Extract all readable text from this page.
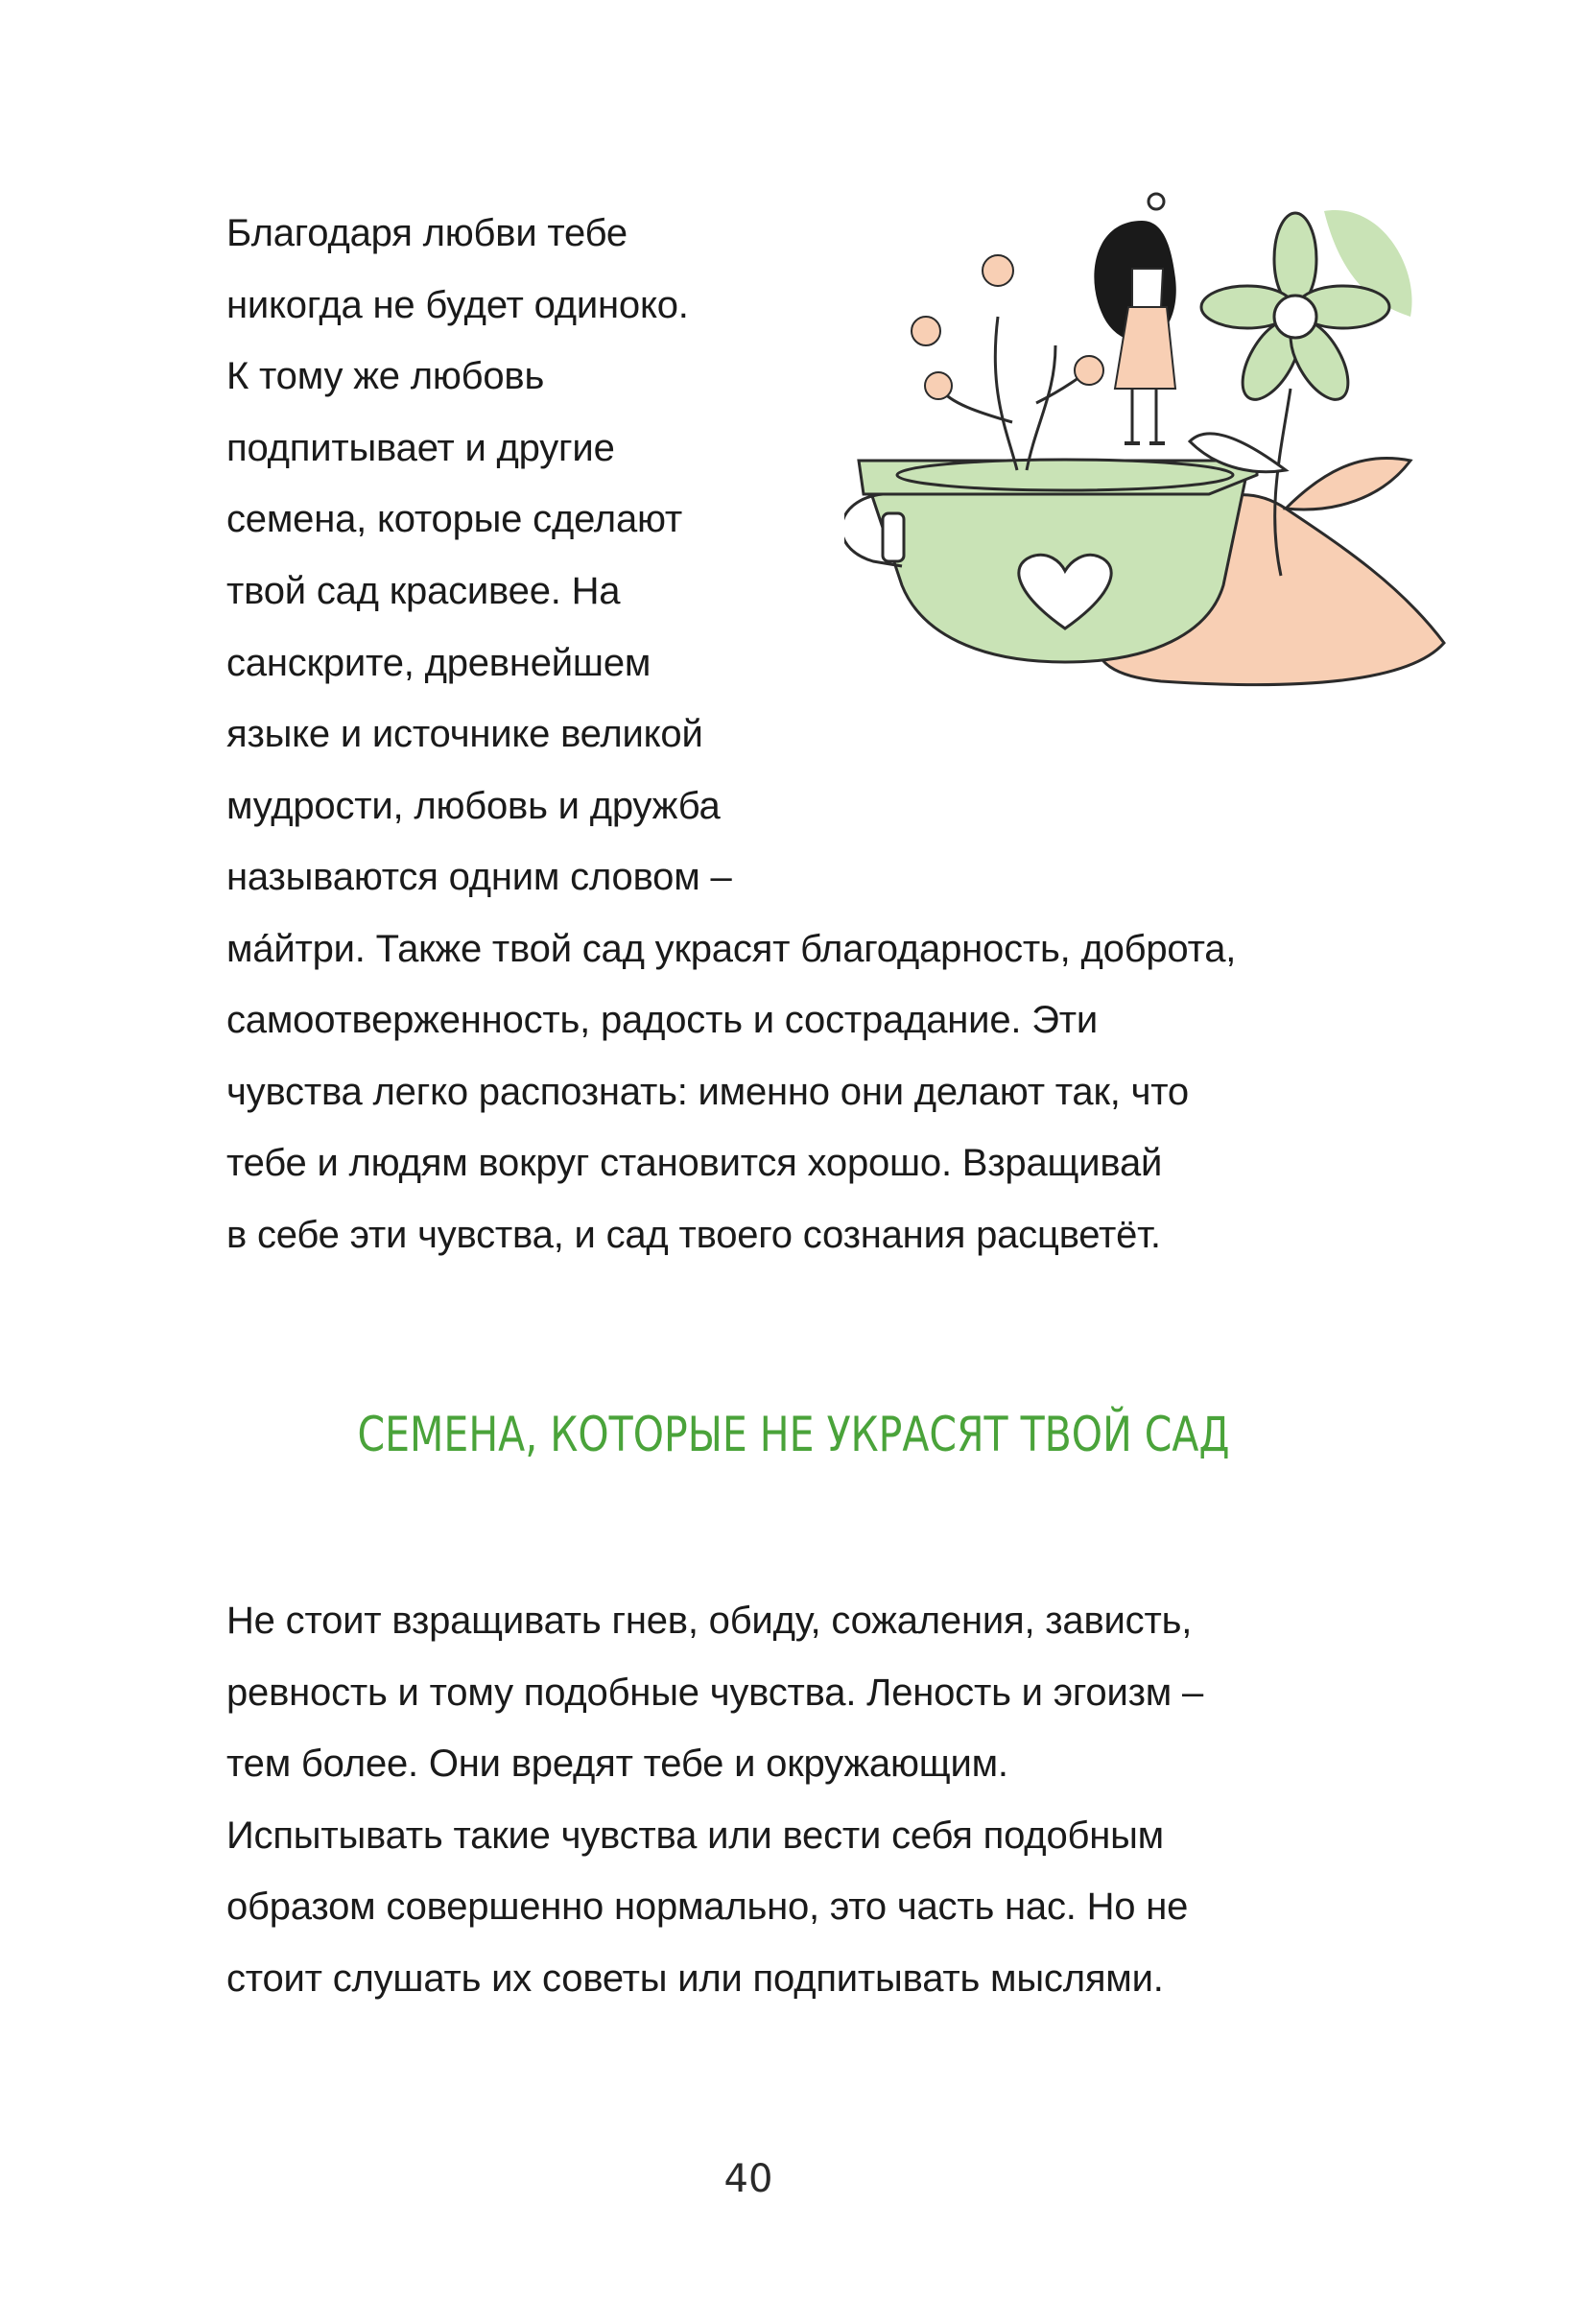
Благодаря любви тебе
никогда не будет одиноко.
К тому же любовь
подпитывает и другие
семена, которые сделают
твой сад красивее. На
санскрите, древнейшем
языке и источнике великой
мудрости, любовь и дружба
называются одним словом –
ма́йтри. Также твой сад украсят благодарность, доброта,
самоотверженность, радость и сострадание. Эти
чувства легко распознать: именно они делают так, что
тебе и людям вокруг становится хорошо. Взращивай
в себе эти чувства, и сад твоего сознания расцветёт.
СЕМЕНА, КОТОРЫЕ НЕ УКРАСЯТ ТВОЙ САД
Не стоит взращивать гнев, обиду, сожаления, зависть,
ревность и тому подобные чувства. Леность и эгоизм –
тем более. Они вредят тебе и окружающим.
Испытывать такие чувства или вести себя подобным
образом совершенно нормально, это часть нас. Но не
стоит слушать их советы или подпитывать мыслями.
40
